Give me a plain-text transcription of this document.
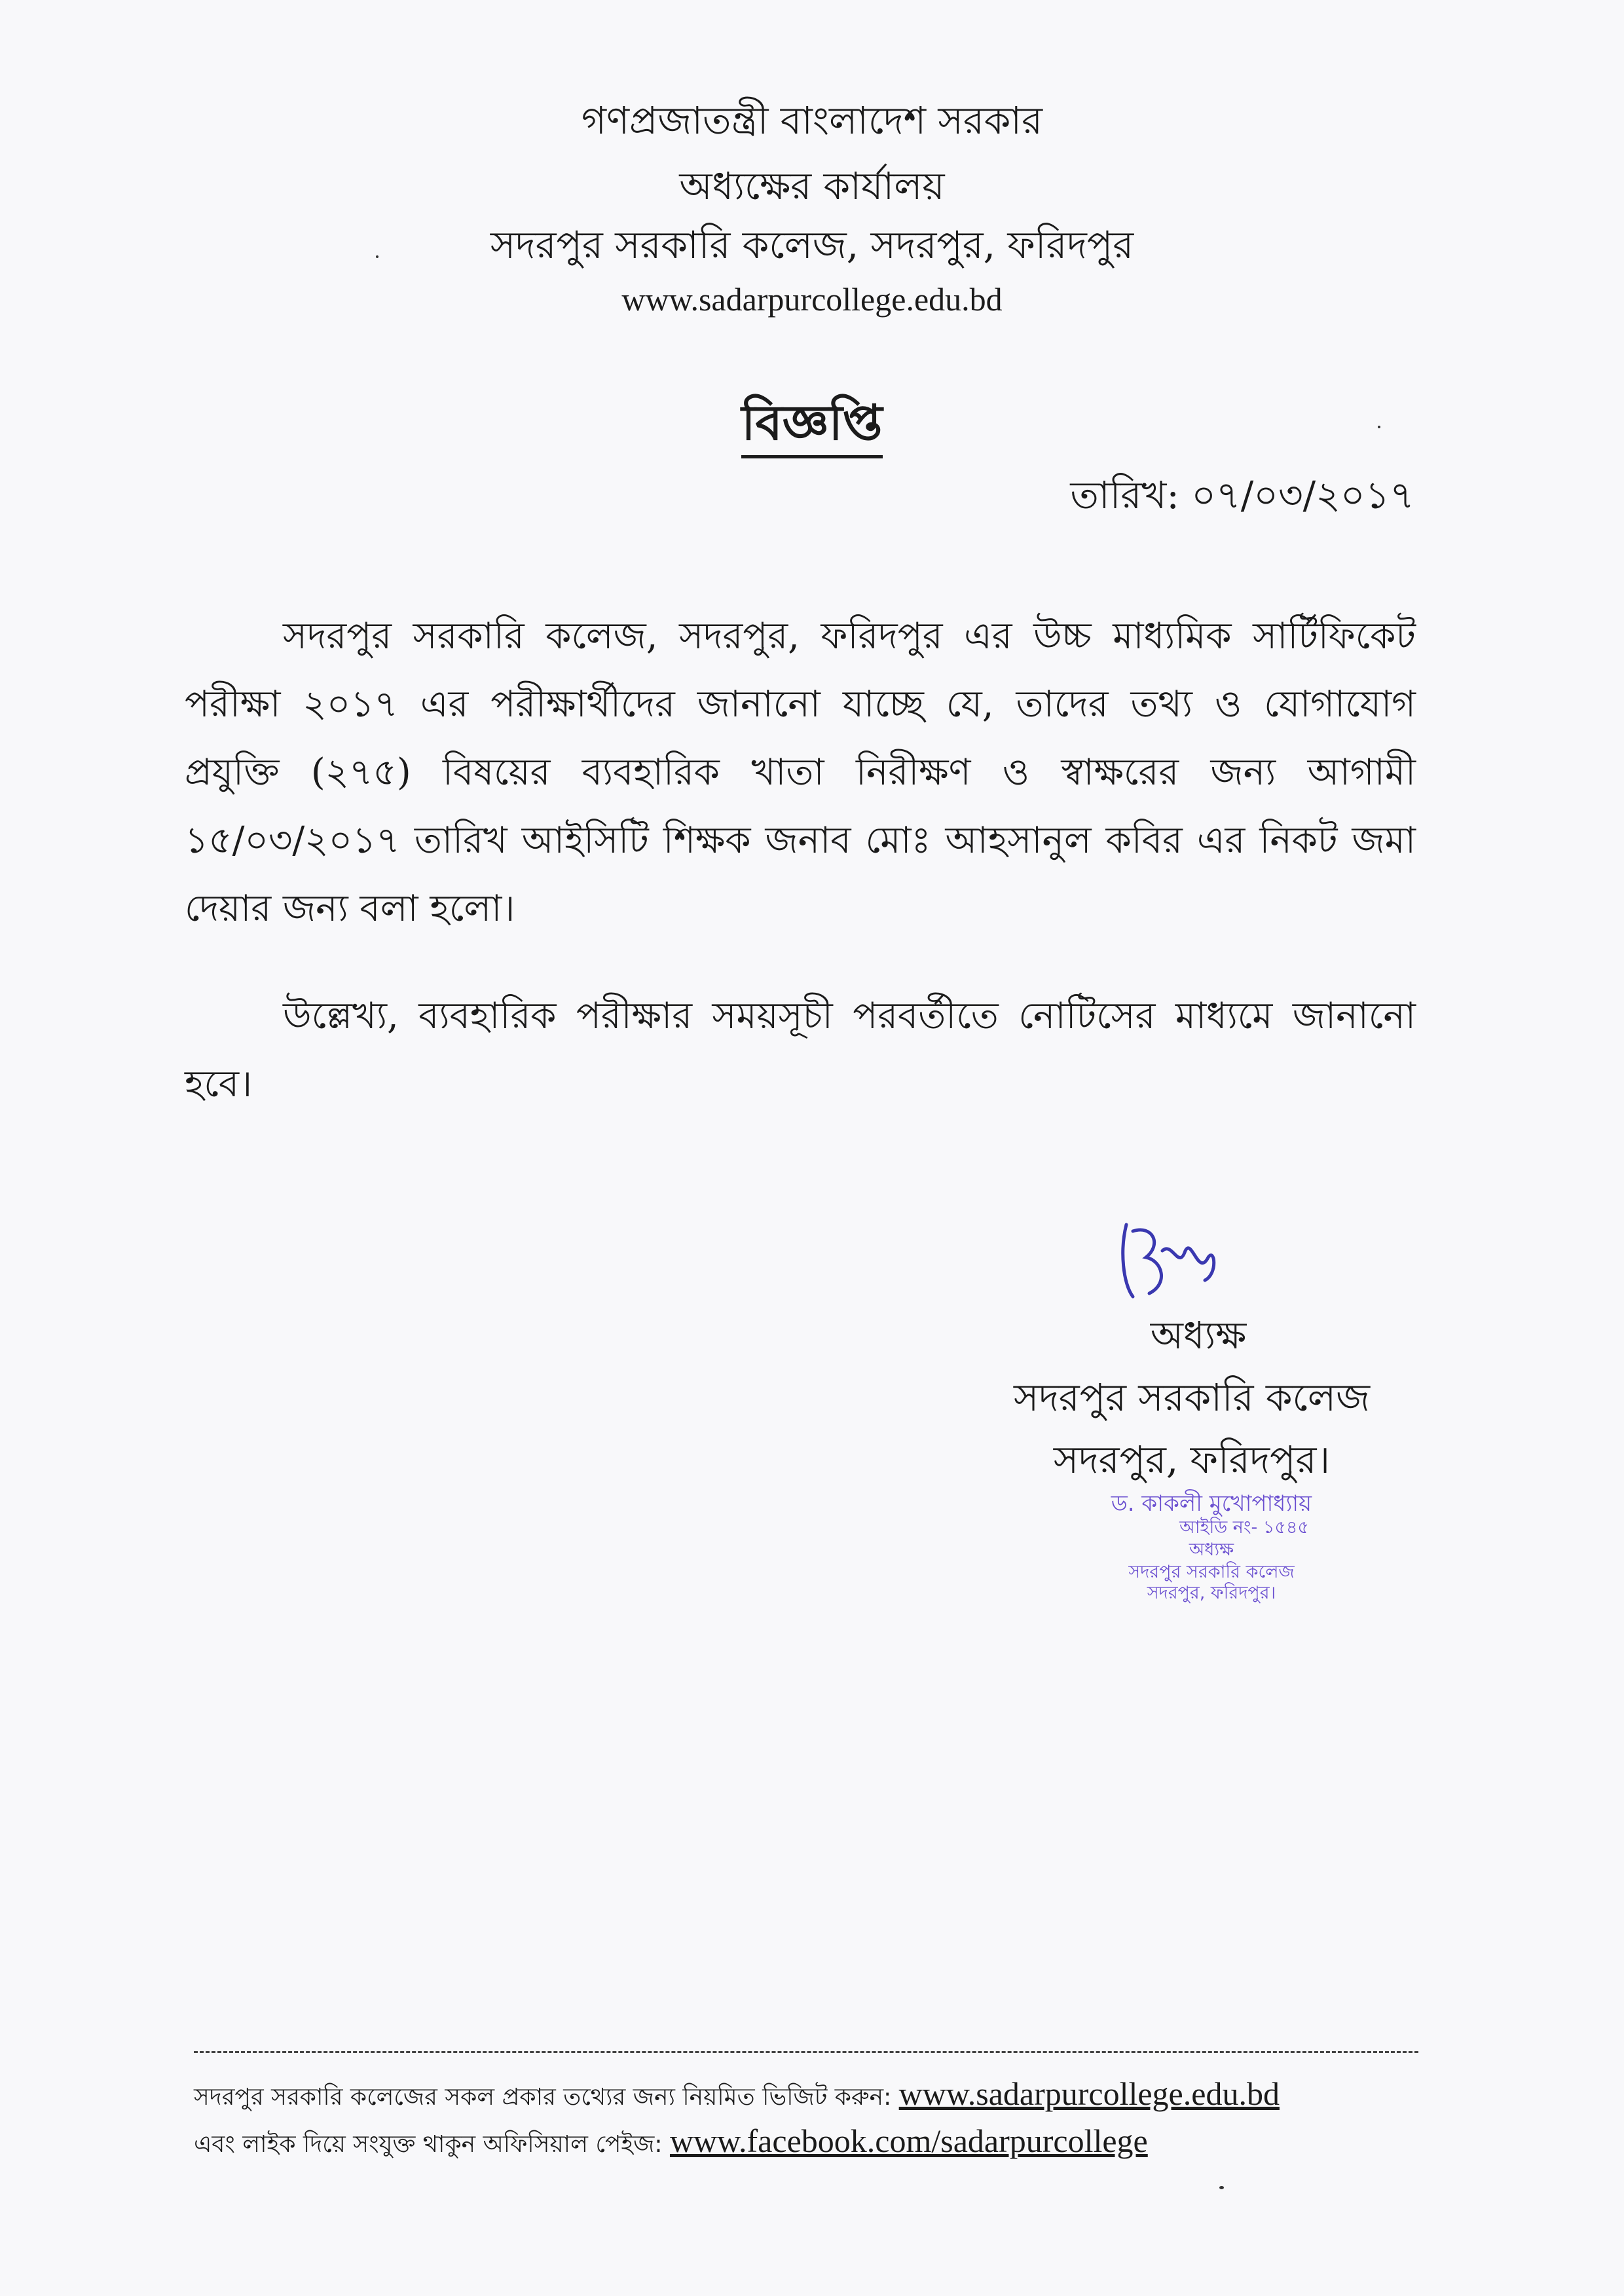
গণপ্রজাতন্ত্রী বাংলাদেশ সরকার
অধ্যক্ষের কার্যালয়
সদরপুর সরকারি কলেজ, সদরপুর, ফরিদপুর
www.sadarpurcollege.edu.bd
বিজ্ঞপ্তি
তারিখ: ০৭/০৩/২০১৭
সদরপুর সরকারি কলেজ, সদরপুর, ফরিদপুর এর উচ্চ মাধ্যমিক সার্টিফিকেট পরীক্ষা ২০১৭ এর পরীক্ষার্থীদের জানানো যাচ্ছে যে, তাদের তথ্য ও যোগাযোগ প্রযুক্তি (২৭৫) বিষয়ের ব্যবহারিক খাতা নিরীক্ষণ ও স্বাক্ষরের জন্য আগামী ১৫/০৩/২০১৭ তারিখ আইসিটি শিক্ষক জনাব মোঃ আহসানুল কবির এর নিকট জমা দেয়ার জন্য বলা হলো।
উল্লেখ্য, ব্যবহারিক পরীক্ষার সময়সূচী পরবর্তীতে নোটিসের মাধ্যমে জানানো হবে।
অধ্যক্ষ
সদরপুর সরকারি কলেজ
সদরপুর, ফরিদপুর।
ড. কাকলী মুখোপাধ্যায়
আইডি নং- ১৫৪৫
অধ্যক্ষ
সদরপুর সরকারি কলেজ
সদরপুর, ফরিদপুর।
সদরপুর সরকারি কলেজের সকল প্রকার তথ্যের জন্য নিয়মিত ভিজিট করুন: www.sadarpurcollege.edu.bd
এবং লাইক দিয়ে সংযুক্ত থাকুন অফিসিয়াল পেইজ: www.facebook.com/sadarpurcollege
